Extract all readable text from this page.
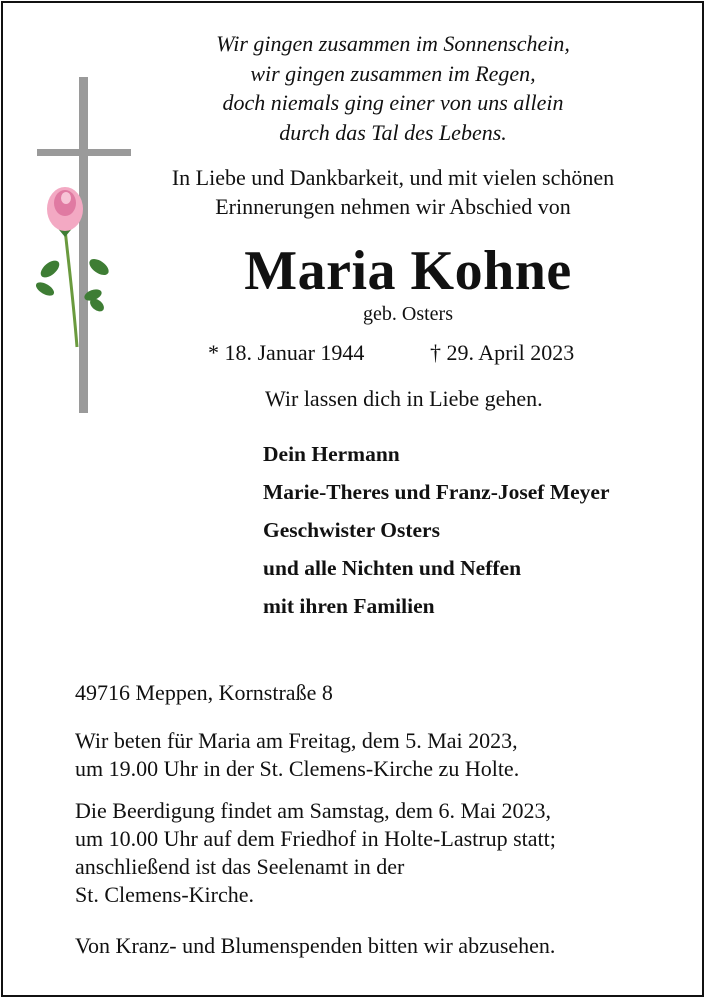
Wir gingen zusammen im Sonnenschein,
wir gingen zusammen im Regen,
doch niemals ging einer von uns allein
durch das Tal des Lebens.
In Liebe und Dankbarkeit, und mit vielen schönen
Erinnerungen nehmen wir Abschied von
Maria Kohne
geb. Osters
* 18. Januar 1944	† 29. April 2023
Wir lassen dich in Liebe gehen.
Dein Hermann
Marie-Theres und Franz-Josef Meyer
Geschwister Osters
und alle Nichten und Neffen
mit ihren Familien
49716 Meppen, Kornstraße 8
Wir beten für Maria am Freitag, dem 5. Mai 2023,
um 19.00 Uhr in der St. Clemens-Kirche zu Holte.
Die Beerdigung findet am Samstag, dem 6. Mai 2023,
um 10.00 Uhr auf dem Friedhof in Holte-Lastrup statt;
anschließend ist das Seelenamt in der
St. Clemens-Kirche.
Von Kranz- und Blumenspenden bitten wir abzusehen.
